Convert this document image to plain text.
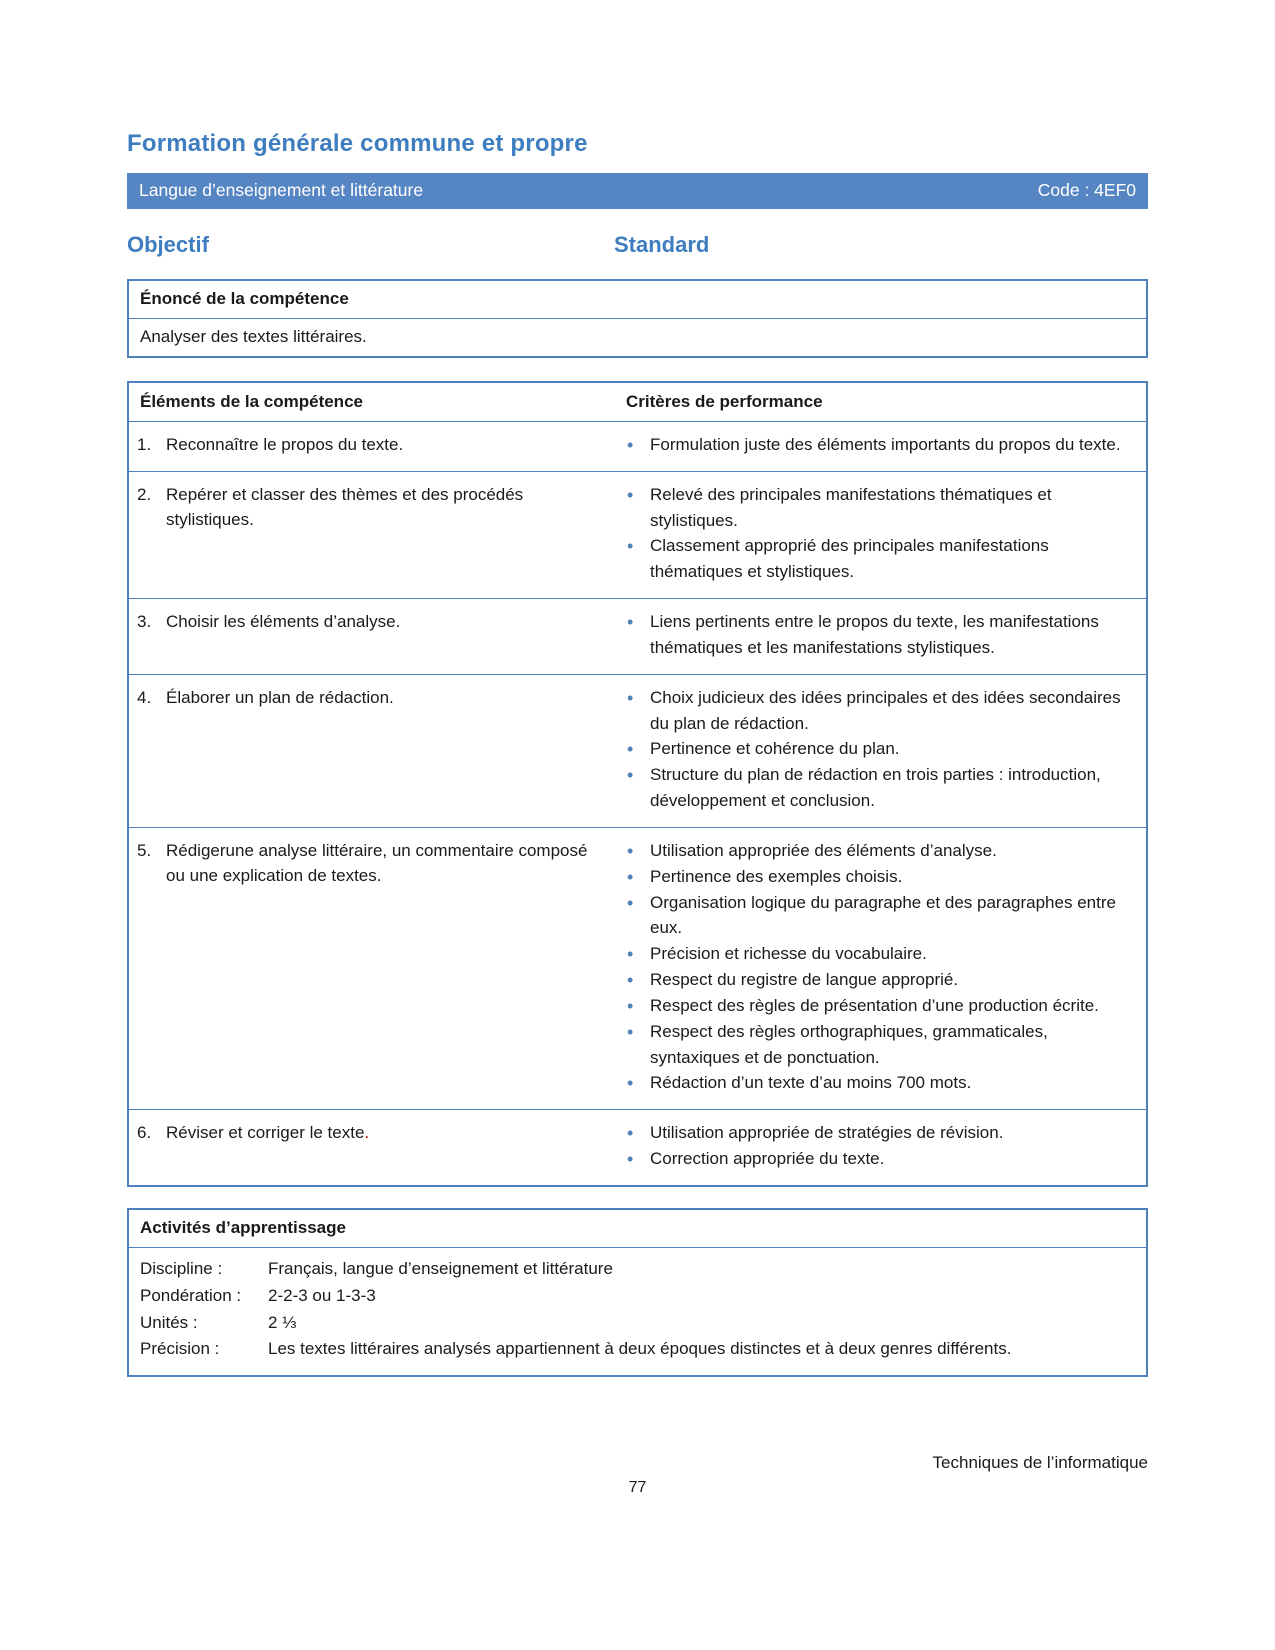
Formation générale commune et propre
Langue d’enseignement et littérature	Code : 4EF0
Objectif	Standard
Énoncé de la compétence
Analyser des textes littéraires.
Éléments de la compétence	Critères de performance

1. Reconnaître le propos du texte.

•Formulation juste des éléments importants du propos du texte.

2. Repérer et classer des thèmes et des procédés stylistiques.

• Relevé des principales manifestations thématiques et stylistiques.
• Classement approprié des principales manifestations thématiques et stylistiques.

3. Choisir les éléments d’analyse.

•Liens pertinents entre le propos du texte, les manifestations thématiques et les manifestations stylistiques.

4. Élaborer un plan de rédaction.

•Choix judicieux des idées principales et des idées secondaires du plan de rédaction.
• Pertinence et cohérence du plan.
• Structure du plan de rédaction en trois parties : introduction, développement et conclusion.

5. Rédigerune analyse littéraire, un commentaire composé ou une explication de textes.

• Utilisation appropriée des éléments d’analyse.
• Pertinence des exemples choisis.
• Organisation logique du paragraphe et des paragraphes entre eux.
• Précision et richesse du vocabulaire.
• Respect du registre de langue approprié.
• Respect des règles de présentation d’une production écrite.
• Respect des règles orthographiques, grammaticales, syntaxiques et de ponctuation.
• Rédaction d’un texte d’au moins 700 mots.

6. Réviser et corriger le texte.

•Utilisation appropriée de stratégies de révision.
• Correction appropriée du texte.
Activités d’apprentissage
Discipline :	Français, langue d’enseignement et littérature
Pondération :	2-2-3 ou 1-3-3
Unités :	2 ⅓
Précision :	Les textes littéraires analysés appartiennent à deux époques distinctes et à deux genres différents.
Techniques de l’informatique
77
